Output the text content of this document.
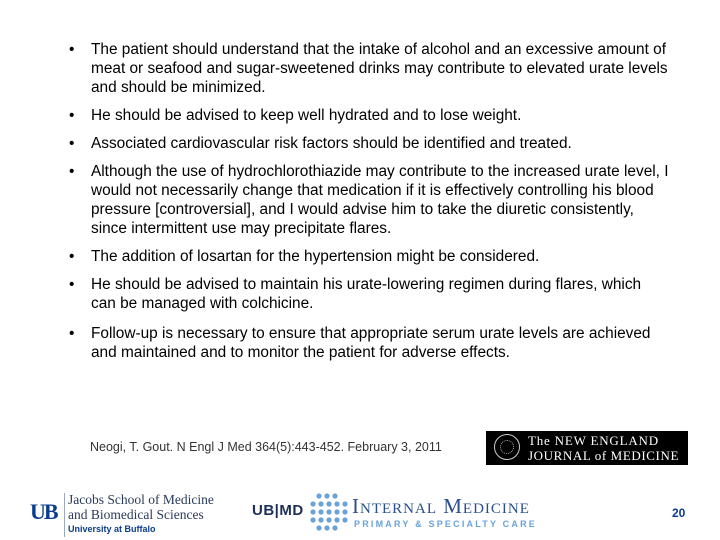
• The patient should understand that the intake of alcohol and an excessive amount of meat or seafood and sugar-sweetened drinks may contribute to elevated urate levels and should be minimized.
• He should be advised to keep well hydrated and to lose weight.
• Associated cardiovascular risk factors should be identified and treated.
• Although the use of hydrochlorothiazide may contribute to the increased urate level, I would not necessarily change that medication if it is effectively controlling his blood pressure [controversial], and I would advise him to take the diuretic consistently, since intermittent use may precipitate flares.
• The addition of losartan for the hypertension might be considered.
• He should be advised to maintain his urate-lowering regimen during flares, which can be managed with colchicine.
• Follow-up is necessary to ensure that appropriate serum urate levels are achieved and maintained and to monitor the patient for adverse effects.
Neogi, T. Gout. N Engl J Med 364(5):443-452. February 3, 2011	The NEW ENGLAND
JOURNAL of MEDICINE
UB Jacobs School of Medicine
and Biomedical Sciences
University at Buffalo
UB|MD Internal Medicine
PRIMARY & SPECIALTY CARE
20
